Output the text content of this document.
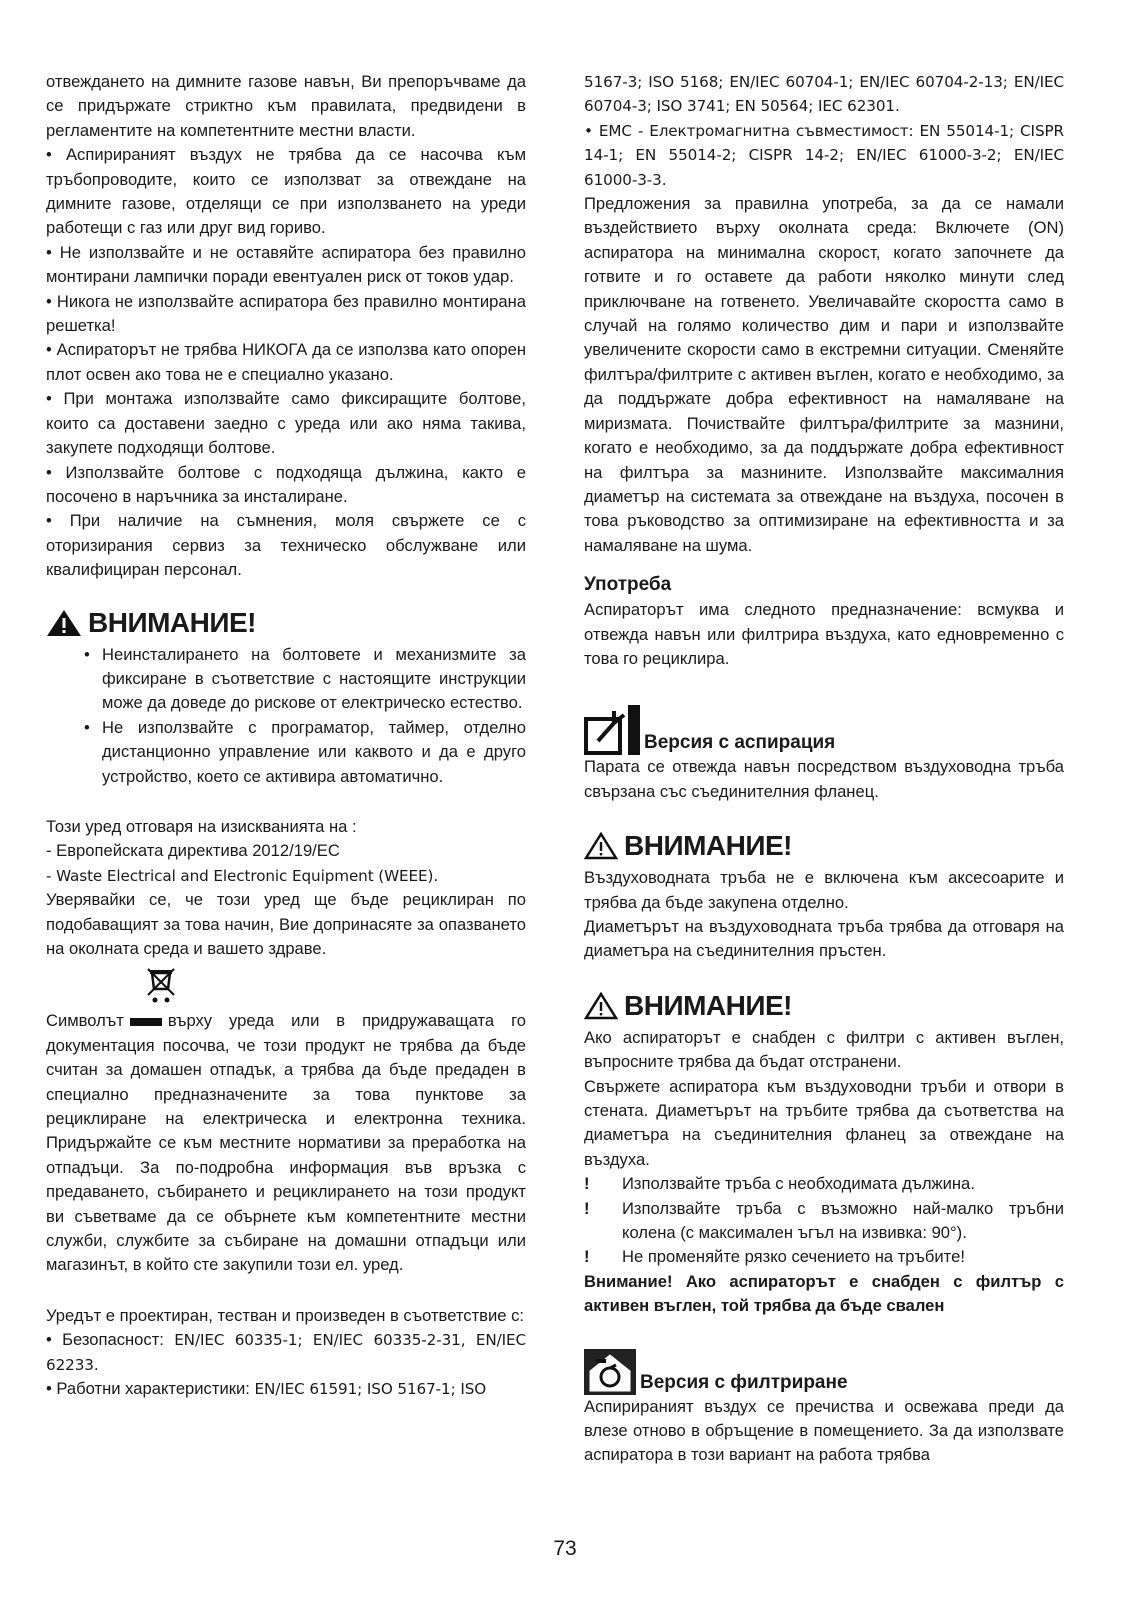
отвеждането на димните газове навън, Ви препоръчваме да се придържате стриктно към правилата, предвидени в регламентите на компетентните местни власти.

• Аспирираният въздух не трябва да се насочва към тръбопроводите, които се използват за отвеждане на димните газове, отделящи се при използването на уреди работещи с газ или друг вид гориво.

• Не използвайте и не оставяйте аспиратора без правилно монтирани лампички поради евентуален риск от токов удар.

• Никога не използвайте аспиратора без правилно монтирана решетка!

• Аспираторът не трябва НИКОГА да се използва като опорен плот освен ако това не е специално указано.

• При монтажа използвайте само фиксиращите болтове, които са доставени заедно с уреда или ако няма такива, закупете подходящи болтове.

• Използвайте болтове с подходяща дължина, както е посочено в наръчника за инсталиране.

• При наличие на съмнения, моля свържете се с оторизирания сервиз за техническо обслужване или квалифициран персонал.

ВНИМАНИЕ!
• Неинсталирането на болтовете и механизмите за фиксиране в съответствие с настоящите инструкции може да доведе до рискове от електрическо естество.
• Не използвайте с програматор, таймер, отделно дистанционно управление или каквото и да е друго устройство, което се активира автоматично.

Този уред отговаря на изискванията на :

- Европейската директива 2012/19/ЕС

- Waste Electrical and Electronic Equipment (WEEE).

Уверявайки се, че този уред ще бъде рециклиран по подобаващият за това начин, Вие допринасяте за опазването на околната среда и вашето здраве.

Символът	върху уреда или в придружаващата го документация посочва, че този продукт не трябва да бъде считан за домашен отпадък, а трябва да бъде предаден в специално предназначените за това пунктове за рециклиране на електрическа и електронна техника. Придържайте се към местните нормативи за преработка на отпадъци. За по-подробна информация във връзка с предаването, събирането и рециклирането на този продукт ви съветваме да се обърнете към компетентните местни служби, службите за събиране на домашни отпадъци или магазинът, в който сте закупили този ел. уред.

Уредът е проектиран, тестван и произведен в съответствие с:

• Безопасност: EN/IEC 60335-1; EN/IEC 60335-2-31, EN/IEC 62233.

• Работни характеристики: EN/IEC 61591; ISO 5167-1; ISO

5167-3; ISO 5168; EN/IEC 60704-1; EN/IEC 60704-2-13; EN/IEC 60704-3; ISO 3741; EN 50564; IEC 62301.

• EMC - Електромагнитна съвместимост: EN 55014-1; CISPR 14-1; EN 55014-2; CISPR 14-2; EN/IEC 61000-3-2; EN/IEC 61000-3-3.

Предложения за правилна употреба, за да се намали въздействието върху околната среда: Включете (ON) аспиратора на минимална скорост, когато започнете да готвите и го оставете да работи няколко минути след приключване на готвенето. Увеличавайте скоростта само в случай на голямо количество дим и пари и използвайте увеличените скорости само в екстремни ситуации. Сменяйте филтъра/филтрите с активен въглен, когато е необходимо, за да поддържате добра ефективност на намаляване на миризмата. Почиствайте филтъра/филтрите за мазнини, когато е необходимо, за да поддържате добра ефективност на филтъра за мазнините. Използвайте максималния диаметър на системата за отвеждане на въздуха, посочен в това ръководство за оптимизиране на ефективността и за намаляване на шума.

Употреба

Аспираторът има следното предназначение: всмуква и отвежда навън или филтрира въздуха, като едновременно с това го рециклира.

Версия с аспирация

Парата се отвежда навън посредством въздуховодна тръба свързана със съединителния фланец.

ВНИМАНИЕ!

Въздуховодната тръба не е включена към аксесоарите и трябва да бъде закупена отделно.

Диаметърът на въздуховодната тръба трябва да отговаря на диаметъра на съединителния пръстен.

ВНИМАНИЕ!

Ако аспираторът е снабден с филтри с активен въглен, въпросните трябва да бъдат отстранени.

Свържете аспиратора към въздуховодни тръби и отвори в стената. Диаметърът на тръбите трябва да съответства на диаметъра на съединителния фланец за отвеждане на въздуха.

! Използвайте тръба с необходимата дължина.
! Използвайте тръба с възможно най-малко тръбни колена (с максимален ъгъл на извивка: 90°).
! Не променяйте рязко сечението на тръбите!

Внимание! Ако аспираторът е снабден с филтър с активен въглен, той трябва да бъде свален

Версия с филтриране

Аспирираният въздух се пречиства и освежава преди да влезе отново в обръщение в помещението. За да използвате аспиратора в този вариант на работа трябва

73
